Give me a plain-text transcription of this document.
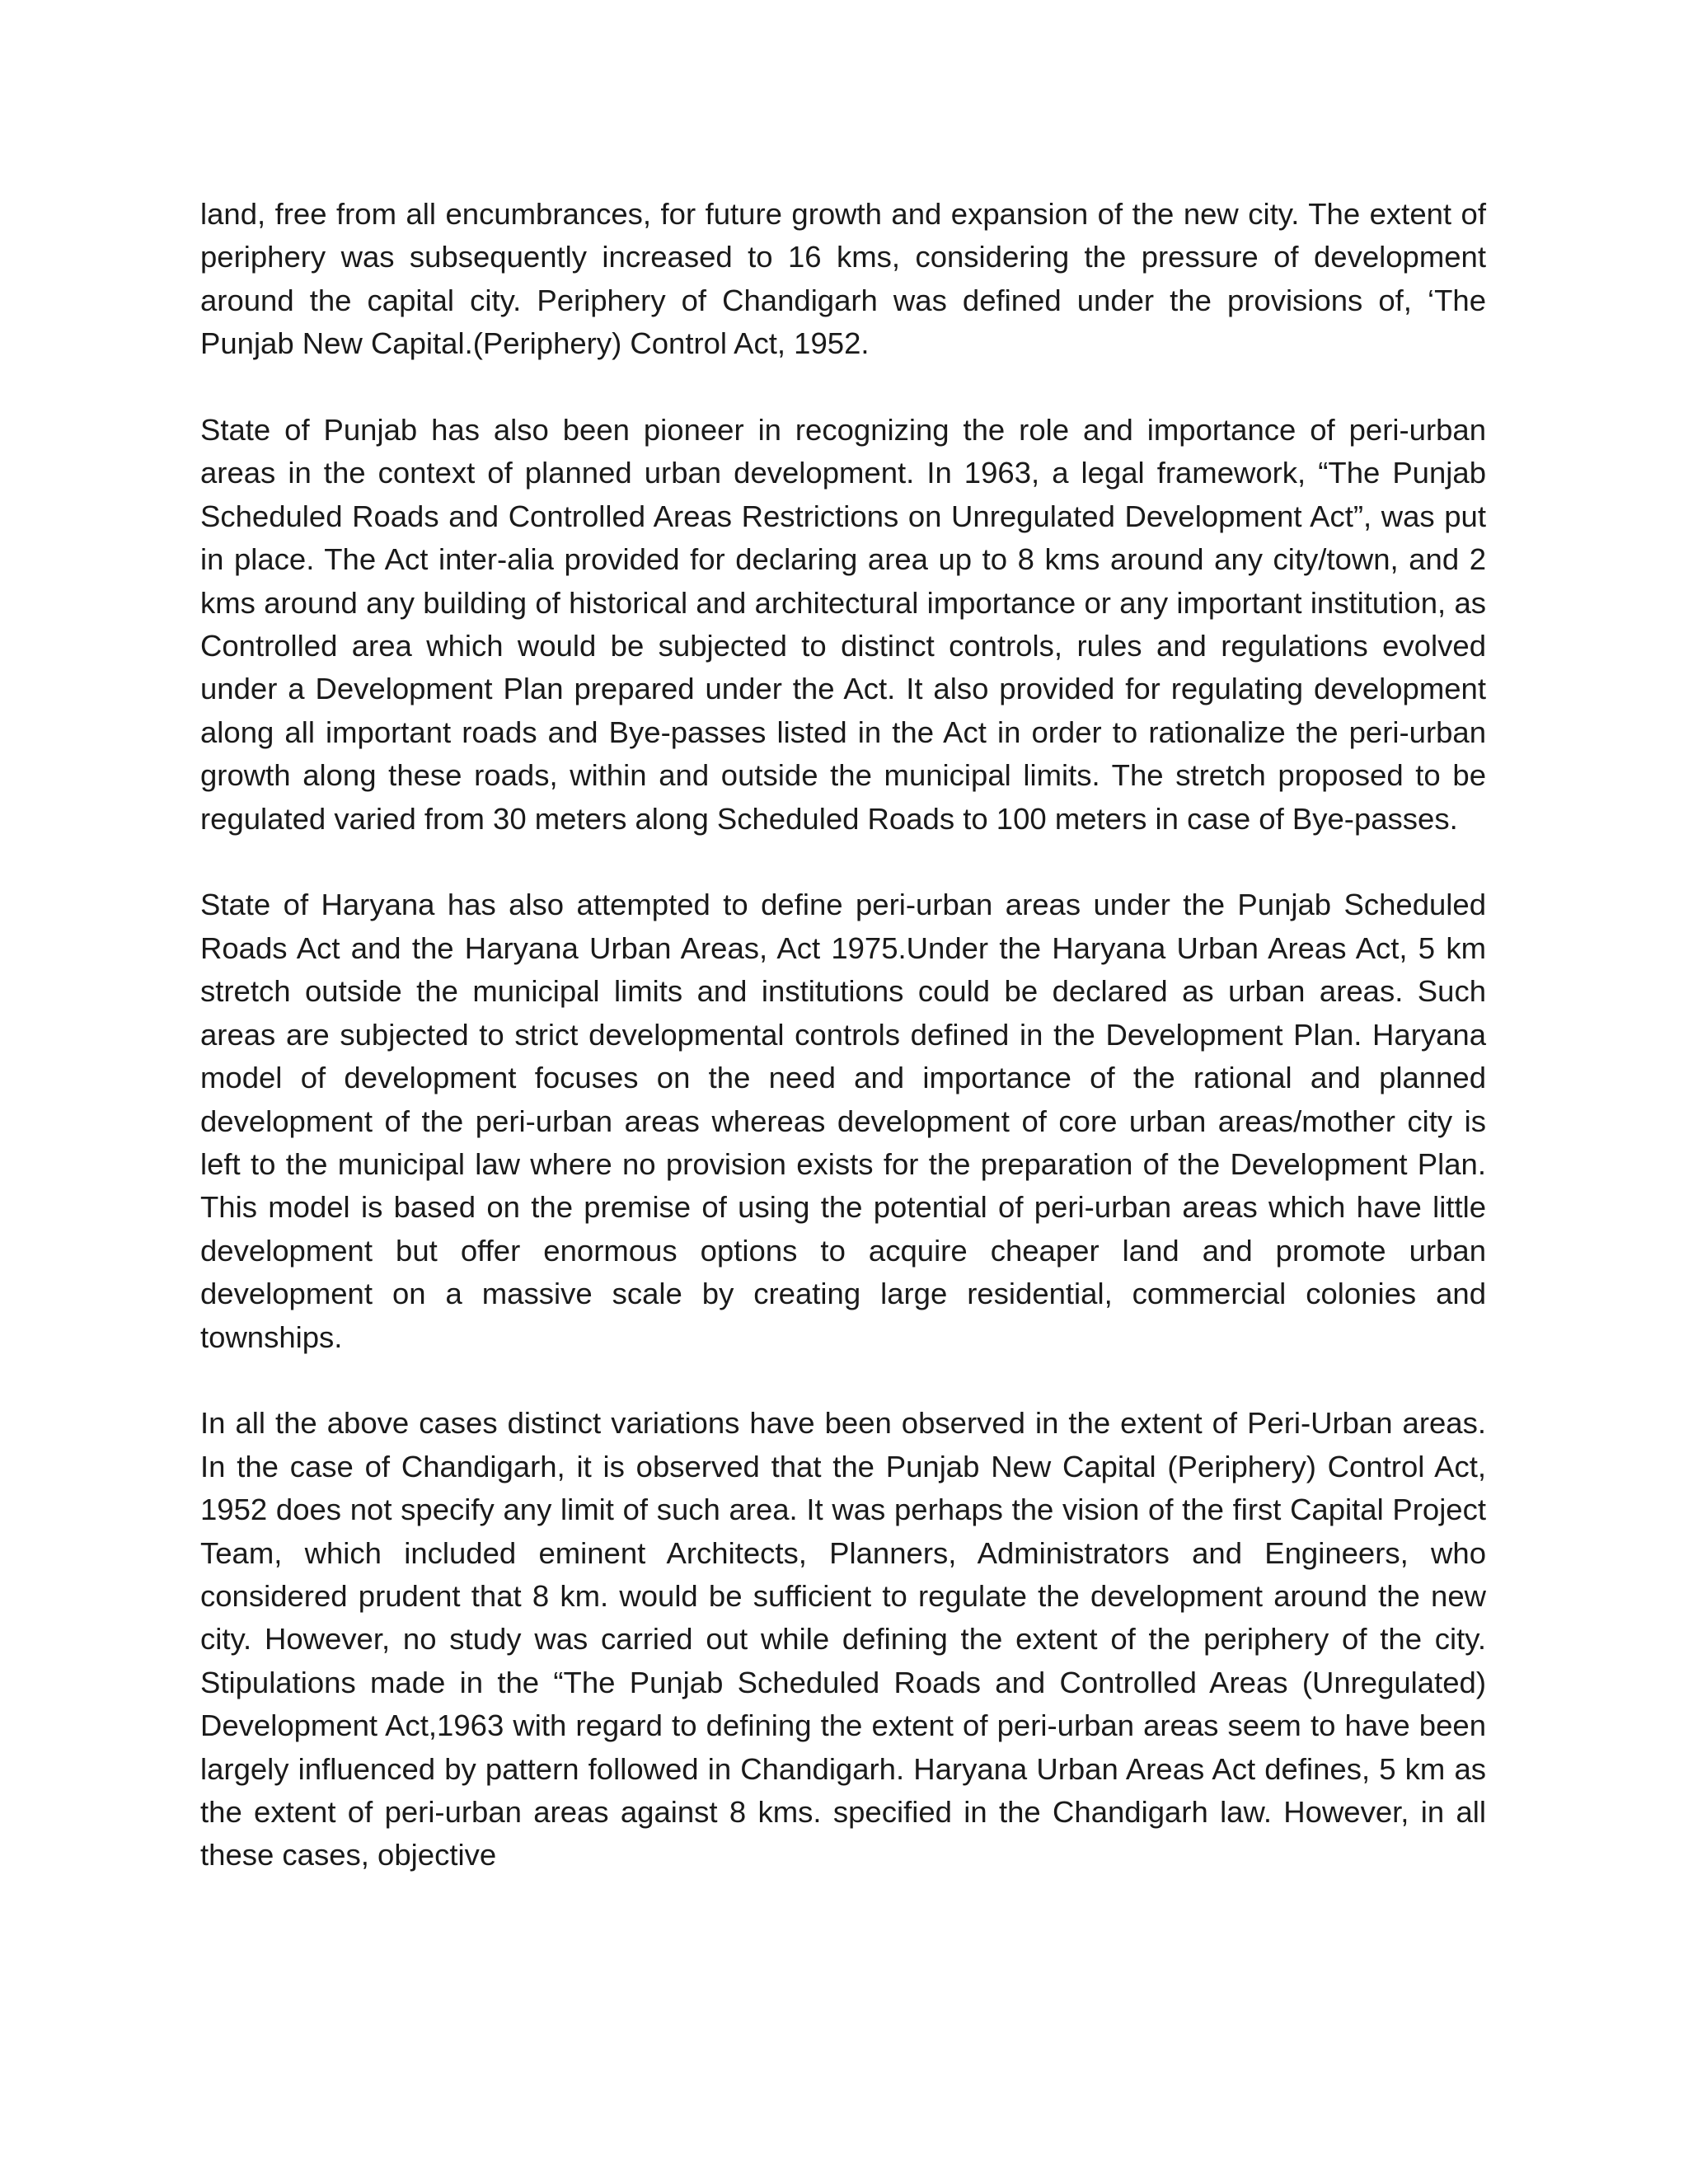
land, free from all encumbrances, for future growth and expansion of the new city. The extent of periphery was subsequently increased to 16 kms, considering the pressure of development around the capital city. Periphery of Chandigarh was defined under the provisions of, ‘The Punjab New Capital.(Periphery) Control Act, 1952.

State of Punjab has also been pioneer in recognizing the role and importance of peri-urban areas in the context of planned urban development. In 1963, a legal framework, “The Punjab Scheduled Roads and Controlled Areas Restrictions on Unregulated Development Act”, was put in place. The Act inter-alia provided for declaring area up to 8 kms around any city/town, and 2 kms around any building of historical and architectural importance or any important institution, as Controlled area which would be subjected to distinct controls, rules and regulations evolved under a Development Plan prepared under the Act. It also provided for regulating development along all important roads and Bye-passes listed in the Act in order to rationalize the peri-urban growth along these roads, within and outside the municipal limits. The stretch proposed to be regulated varied from 30 meters along Scheduled Roads to 100 meters in case of Bye-passes.

State of Haryana has also attempted to define peri-urban areas under the Punjab Scheduled Roads Act and the Haryana Urban Areas, Act 1975.Under the Haryana Urban Areas Act, 5 km stretch outside the municipal limits and institutions could be declared as urban areas. Such areas are subjected to strict developmental controls defined in the Development Plan. Haryana model of development focuses on the need and importance of the rational and planned development of the peri-urban areas whereas development of core urban areas/mother city is left to the municipal law where no provision exists for the preparation of the Development Plan. This model is based on the premise of using the potential of peri-urban areas which have little development but offer enormous options to acquire cheaper land and promote urban development on a massive scale by creating large residential, commercial colonies and townships.

In all the above cases distinct variations have been observed in the extent of Peri-Urban areas. In the case of Chandigarh, it is observed that the Punjab New Capital (Periphery) Control Act, 1952 does not specify any limit of such area. It was perhaps the vision of the first Capital Project Team, which included eminent Architects, Planners, Administrators and Engineers, who considered prudent that 8 km. would be sufficient to regulate the development around the new city. However, no study was carried out while defining the extent of the periphery of the city. Stipulations made in the “The Punjab Scheduled Roads and Controlled Areas (Unregulated) Development Act,1963 with regard to defining the extent of peri-urban areas seem to have been largely influenced by pattern followed in Chandigarh. Haryana Urban Areas Act defines, 5 km as the extent of peri-urban areas against 8 kms. specified in the Chandigarh law. However, in all these cases, objective
